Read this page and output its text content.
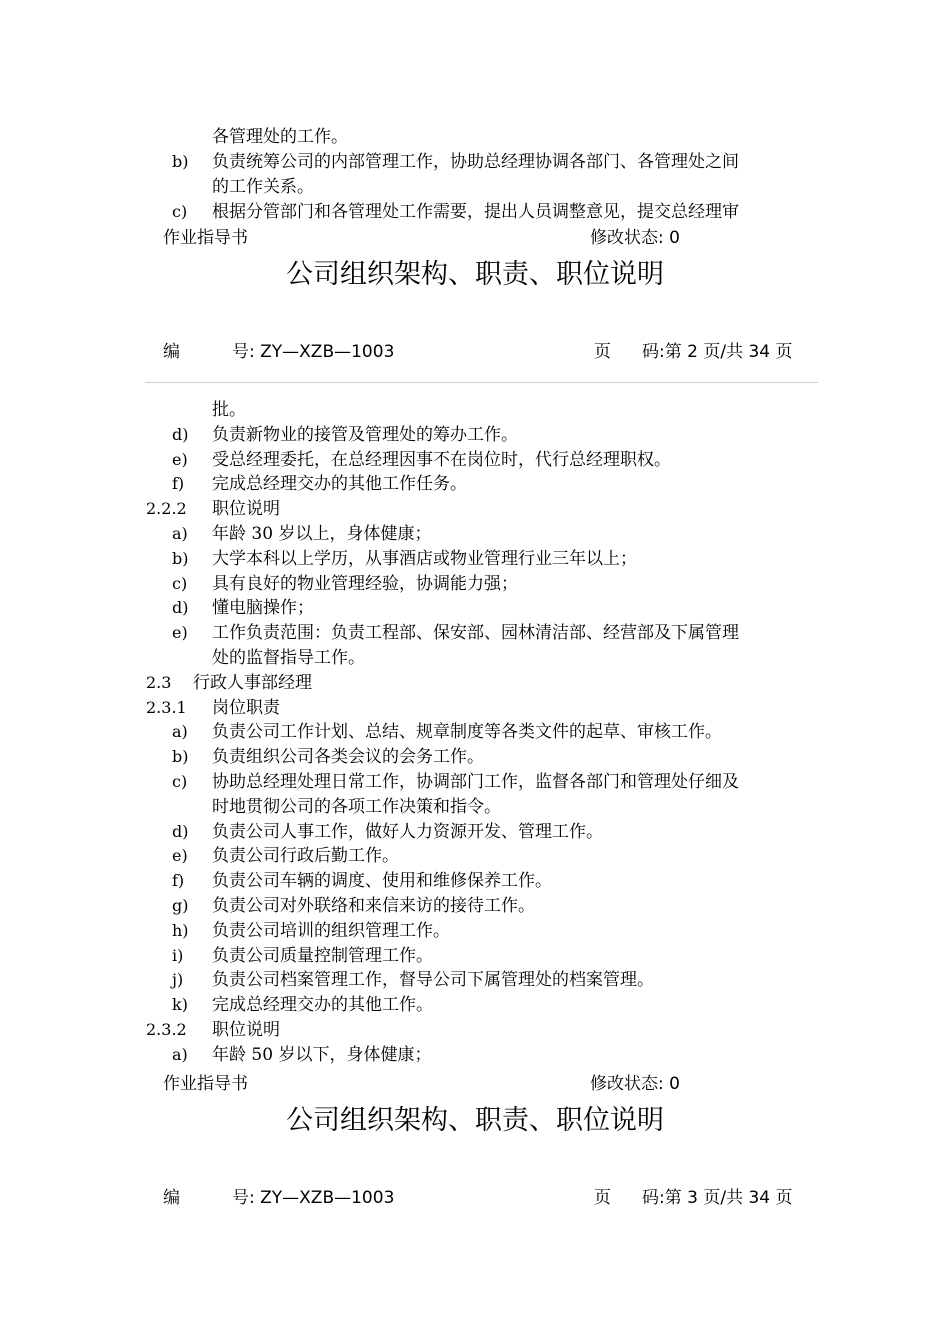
各管理处的工作。
b) 负责统筹公司的内部管理工作，协助总经理协调各部门、各管理处之间
的工作关系。
c) 根据分管部门和各管理处工作需要，提出人员调整意见，提交总经理审
作业指导书	修改状态: 0
公司组织架构、职责、职位说明
编	号: ZY—XZB—1003	页 码:第 2 页/共 34 页
批。
d) 负责新物业的接管及管理处的筹办工作。
e) 受总经理委托，在总经理因事不在岗位时，代行总经理职权。
f) 完成总经理交办的其他工作任务。
2.2.2 职位说明
a) 年龄 30 岁以上，身体健康；
b) 大学本科以上学历，从事酒店或物业管理行业三年以上；
c) 具有良好的物业管理经验，协调能力强；
d) 懂电脑操作；
e) 工作负责范围：负责工程部、保安部、园林清洁部、经营部及下属管理
处的监督指导工作。
2.3 行政人事部经理
2.3.1 岗位职责
a) 负责公司工作计划、总结、规章制度等各类文件的起草、审核工作。
b) 负责组织公司各类会议的会务工作。
c) 协助总经理处理日常工作，协调部门工作，监督各部门和管理处仔细及
时地贯彻公司的各项工作决策和指令。
d) 负责公司人事工作，做好人力资源开发、管理工作。
e) 负责公司行政后勤工作。
f) 负责公司车辆的调度、使用和维修保养工作。
g) 负责公司对外联络和来信来访的接待工作。
h) 负责公司培训的组织管理工作。
i) 负责公司质量控制管理工作。
j) 负责公司档案管理工作，督导公司下属管理处的档案管理。
k) 完成总经理交办的其他工作。
2.3.2 职位说明
a) 年龄 50 岁以下，身体健康；
作业指导书	修改状态: 0
公司组织架构、职责、职位说明
编	号: ZY—XZB—1003	页 码:第 3 页/共 34 页
